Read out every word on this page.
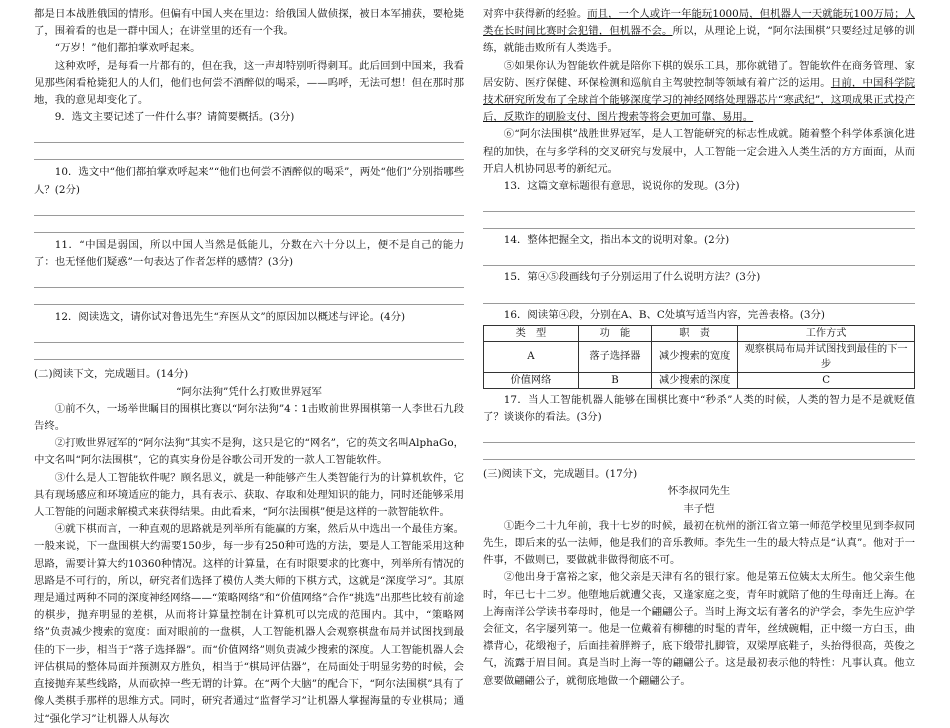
都是日本战胜俄国的情形。但偏有中国人夹在里边：给俄国人做侦探，被日本军捕获，要枪毙了，围着看的也是一群中国人；在讲堂里的还有一个我。

“万岁！”他们都拍掌欢呼起来。

这种欢呼，是每看一片都有的，但在我，这一声却特别听得刺耳。此后回到中国来，我看见那些闲看枪毙犯人的人们，他们也何尝不酒醉似的喝采，——呜呼，无法可想！但在那时那地，我的意见却变化了。

9．选文主要记述了一件什么事？请简要概括。(3分)

10．选文中“他们都拍掌欢呼起来”“他们也何尝不酒醉似的喝采”，两处“他们”分别指哪些人？(2分)

11．“中国是弱国，所以中国人当然是低能儿，分数在六十分以上，便不是自己的能力了：也无怪他们疑惑”一句表达了作者怎样的感情？(3分)

12．阅读选文，请你试对鲁迅先生“弃医从文”的原因加以概述与评论。(4分)

(二)阅读下文，完成题目。(14分)

“阿尔法狗”凭什么打败世界冠军

①前不久，一场举世瞩目的围棋比赛以“阿尔法狗”4∶1击败前世界围棋第一人李世石九段告终。

②打败世界冠军的“阿尔法狗”其实不是狗，这只是它的“网名”，它的英文名叫AlphaGo，中文名叫“阿尔法围棋”，它的真实身份是谷歌公司开发的一款人工智能软件。

③什么是人工智能软件呢？顾名思义，就是一种能够产生人类智能行为的计算机软件，它具有现场感应和环境适应的能力，具有表示、获取、存取和处理知识的能力，同时还能够采用人工智能的问题求解模式来获得结果。由此看来，“阿尔法围棋”便是这样的一款智能软件。

④就下棋而言，一种直观的思路就是列举所有能赢的方案，然后从中选出一个最佳方案。一般来说，下一盘围棋大约需要150步，每一步有250种可选的方法，要是人工智能采用这种思路，需要计算大约10360种情况。这样的计算量，在有时限要求的比赛中，列举所有情况的思路是不可行的，所以，研究者们选择了模仿人类大师的下棋方式，这就是“深度学习”。其原理是通过两种不同的深度神经网络——“策略网络”和“价值网络”合作“挑选”出那些比较有前途的棋步，抛弃明显的差棋，从而将计算量控制在计算机可以完成的范围内。其中，“策略网络”负责减少搜索的宽度：面对眼前的一盘棋，人工智能机器人会观察棋盘布局并试图找到最佳的下一步，相当于“落子选择器”。而“价值网络”则负责减少搜索的深度。人工智能机器人会评估棋局的整体局面并预测双方胜负，相当于“棋局评估器”，在局面处于明显劣势的时候，会直接抛弃某些线路，从而砍掉一些无谓的计算。在“两个大脑”的配合下，“阿尔法围棋”具有了像人类棋手那样的思维方式。同时，研究者通过“监督学习”让机器人掌握海量的专业棋局；通过“强化学习”让机器人从每次

对弈中获得新的经验。而且，一个人或许一年能玩1000局，但机器人一天就能玩100万局；人类在长时间比赛时会犯错，但机器不会。所以，从理论上说，“阿尔法围棋”只要经过足够的训练，就能击败所有人类选手。

⑤如果你认为智能软件就是陪你下棋的娱乐工具，那你就错了。智能软件在商务管理、家居安防、医疗保健、环保检测和巡航自主驾驶控制等领域有着广泛的运用。日前，中国科学院技术研究所发布了全球首个能够深度学习的神经网络处理器芯片“寒武纪”，这项成果正式投产后，反欺诈的刷脸支付、图片搜索等将会更加可靠、易用。

⑥“阿尔法围棋”战胜世界冠军，是人工智能研究的标志性成就。随着整个科学体系演化进程的加快，在与多学科的交叉研究与发展中，人工智能一定会进入人类生活的方方面面，从而开启人机协同思考的新纪元。

13．这篇文章标题很有意思，说说你的发现。(3分)

14．整体把握全文，指出本文的说明对象。(2分)

15．第④⑤段画线句子分别运用了什么说明方法？(3分)

16．阅读第④段，分别在A、B、C处填写适当内容，完善表格。(3分)

类　型	功　能	职　责	工作方式
A	落子选择器	减少搜索的宽度	观察棋局布局并试图找到最佳的下一步
价值网络	B	减少搜索的深度	C

17．当人工智能机器人能够在围棋比赛中“秒杀”人类的时候，人类的智力是不是就贬值了？谈谈你的看法。(3分)

(三)阅读下文，完成题目。(17分)

怀李叔同先生

丰子恺

①距今二十九年前，我十七岁的时候，最初在杭州的浙江省立第一师范学校里见到李叔同先生，即后来的弘一法师，他是我们的音乐教师。李先生一生的最大特点是“认真”。他对于一件事，不做则已，要做就非做得彻底不可。

②他出身于富裕之家，他父亲是天津有名的银行家。他是第五位姨太太所生。他父亲生他时，年已七十二岁。他堕地后就遭父丧，又逢家庭之变，青年时就陪了他的生母南迁上海。在上海南洋公学读书奉母时，他是一个翩翩公子。当时上海文坛有著名的沪学会，李先生应沪学会征文，名字屡列第一。他是一位戴着有柳穗的时髦的青年，丝绒碗帽，正中缀一方白玉，曲襟背心，花缎袍子，后面挂着胖辫子，底下缎带扎脚管，双梁厚底鞋子，头抬得很高，英俊之气，流露于眉目间。真是当时上海一等的翩翩公子。这是最初表示他的特性：凡事认真。他立意要做翩翩公子，就彻底地做一个翩翩公子。
